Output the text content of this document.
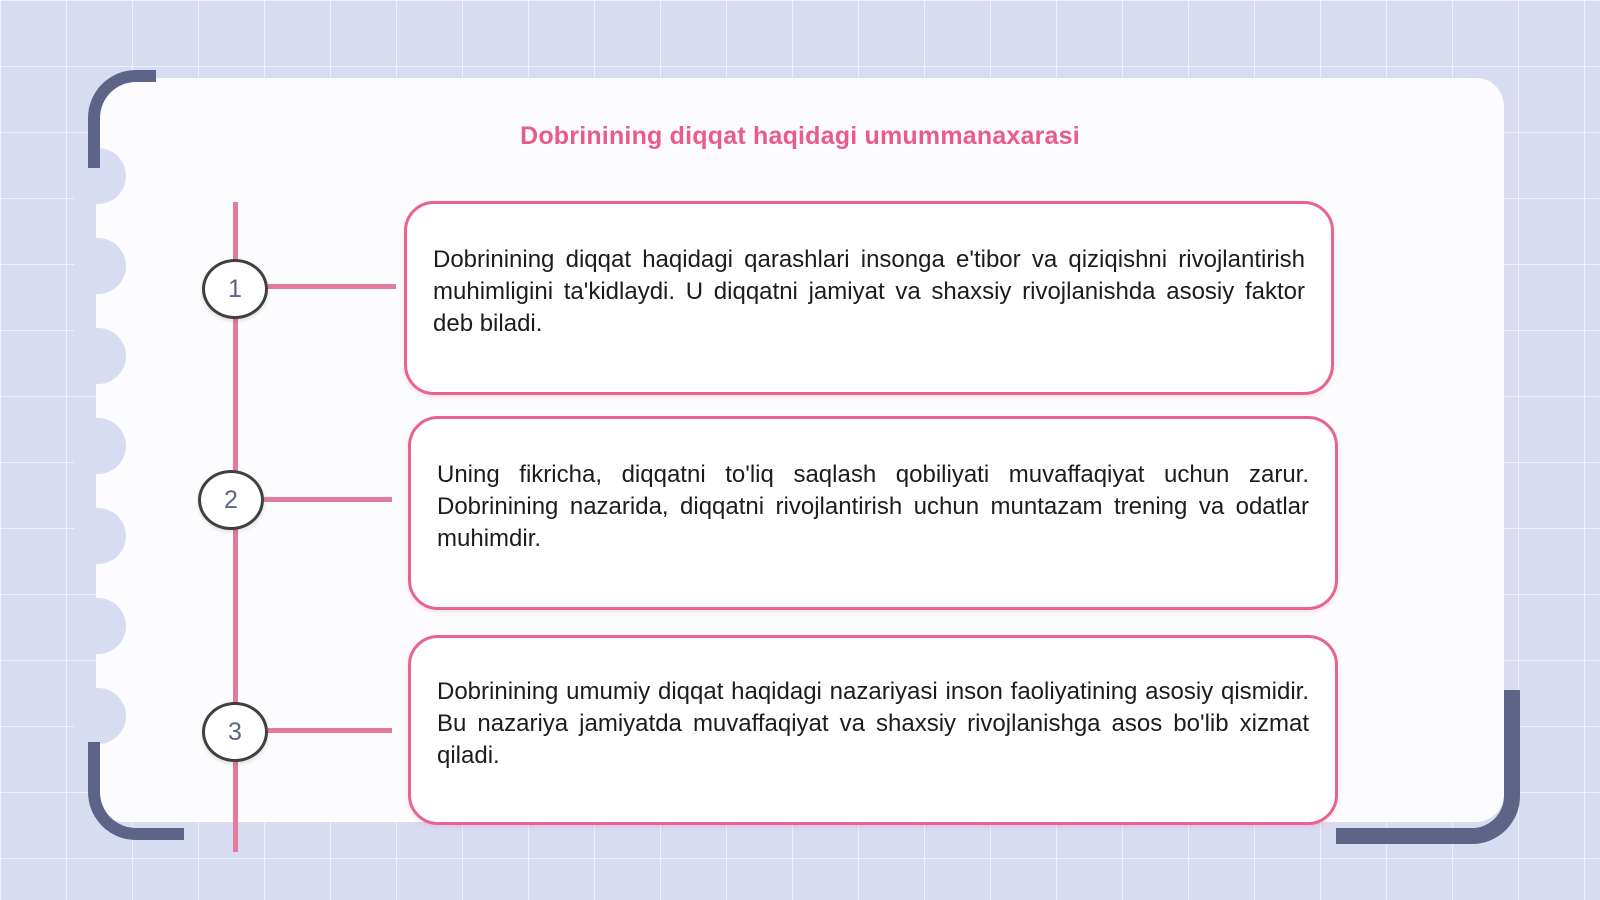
Dobrinining diqqat haqidagi umummanaxarasi
1
Dobrinining diqqat haqidagi qarashlari insonga e'tibor va qiziqishni rivojlantirish muhimligini ta'kidlaydi. U diqqatni jamiyat va shaxsiy rivojlanishda asosiy faktor deb biladi.
2
Uning fikricha, diqqatni to'liq saqlash qobiliyati muvaffaqiyat uchun zarur. Dobrinining nazarida, diqqatni rivojlantirish uchun muntazam trening va odatlar muhimdir.
3
Dobrinining umumiy diqqat haqidagi nazariyasi inson faoliyatining asosiy qismidir. Bu nazariya jamiyatda muvaffaqiyat va shaxsiy rivojlanishga asos bo'lib xizmat qiladi.
